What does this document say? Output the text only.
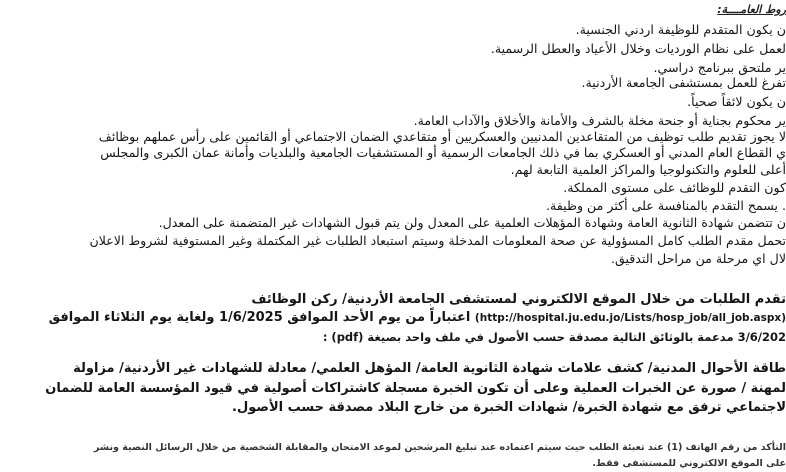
روط العامــــة:
ن يكون المتقدم للوظيفة اردني الجنسية.
لعمل على نظام الورديات وخلال الأعياد والعطل الرسمية.
ير ملتحق ببرنامج دراسي.
تفرغ للعمل بمستشفى الجامعة الأردنية.
ن يكون لائقاً صحياً.
ير محكوم بجناية أو جنحة مخلة بالشرف والأمانة والأخلاق والآداب العامة.
لا يجوز تقديم طلب توظيف من المتقاعدين المدنيين والعسكريين أو متقاعدي الضمان الاجتماعي أو القائمين على رأس عملهم بوظائف
ي القطاع العام المدني أو العسكري بما في ذلك الجامعات الرسمية أو المستشفيات الجامعية والبلديات وأمانة عمان الكبرى والمجلس
أعلى للعلوم والتكنولوجيا والمراكز العلمية التابعة لهم.
كون التقدم للوظائف على مستوى المملكة.
. يسمح التقدم بالمنافسة على أكثر من وظيفة.
ن تتضمن شهادة الثانوية العامة وشهادة المؤهلات العلمية على المعدل ولن يتم قبول الشهادات غير المتضمنة على المعدل.
تحمل مقدم الطلب كامل المسؤولية عن صحة المعلومات المدخلة وسيتم استبعاد الطلبات غير المكتملة وغير المستوفية لشروط الاعلان
لال اي مرحلة من مراحل التدقيق.
تقدم الطلبات من خلال الموقع الالكتروني لمستشفى الجامعة الأردنية/ ركن الوظائف
(http://hospital.ju.edu.jo/Lists/hosp_job/all_job.aspx) اعتباراً من يوم الأحد الموافق 1/6/2025 ولغاية يوم الثلاثاء الموافق
3/6/202 مدعمة بالوثائق التالية مصدقة حسب الأصول في ملف واحد بصيغة (pdf) :
طاقة الأحوال المدنية/ كشف علامات شهادة الثانوية العامة/ المؤهل العلمي/ معادلة للشهادات غير الأردنية/ مزاولة
لمهنة / صورة عن الخبرات العملية وعلى أن تكون الخبرة مسجلة كاشتراكات أصولية في قيود المؤسسة العامة للضمان
لاجتماعي ترفق مع شهادة الخبرة/ شهادات الخبرة من خارج البلاد مصدقة حسب الأصول.
التأكد من رقم الهاتف (1) عند تعبئة الطلب حيث سيتم اعتماده عند تبليغ المرشحين لموعد الامتحان والمقابلة الشخصية من خلال الرسائل النصية ونشر
على الموقع الالكتروني للمستشفى فقط.
